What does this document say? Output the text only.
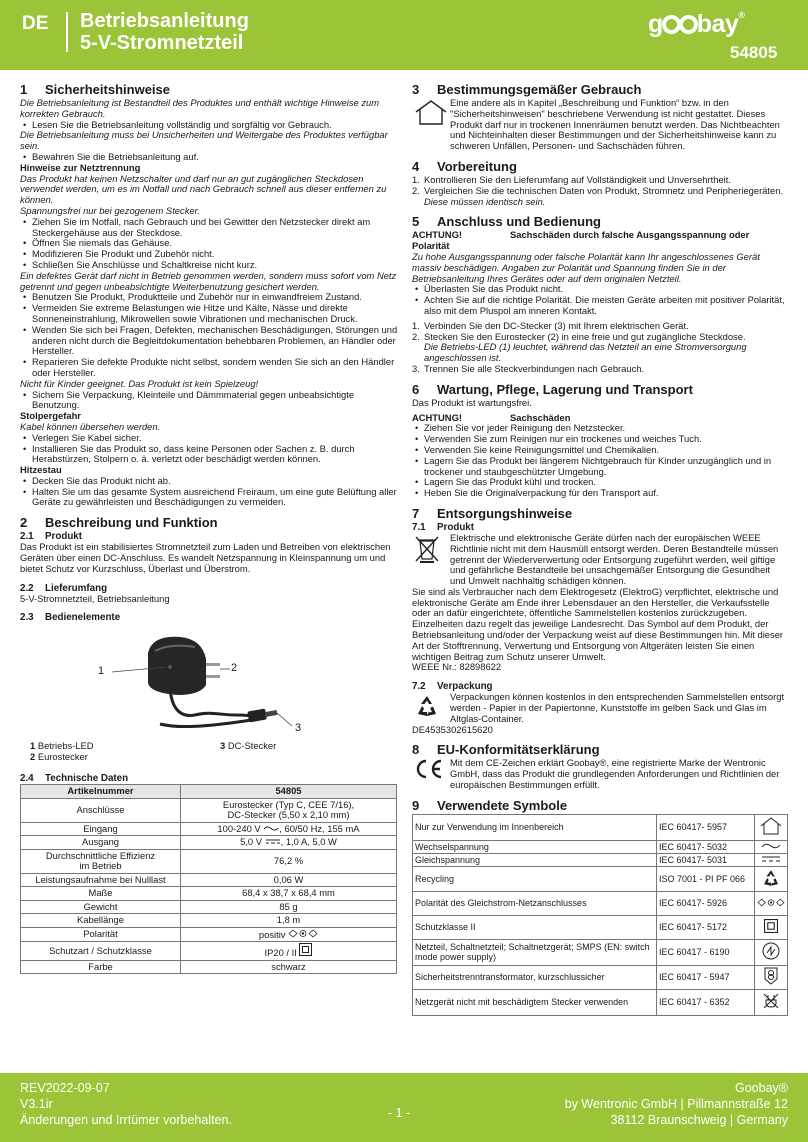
DE Betriebsanleitung
5-V-Stromnetzteil
g bay®
54805
1 Sicherheitshinweise
Die Betriebsanleitung ist Bestandteil des Produktes und enthält wichtige Hinweise zum korrekten Gebrauch.
• Lesen Sie die Betriebsanleitung vollständig und sorgfältig vor Gebrauch.
Die Betriebsanleitung muss bei Unsicherheiten und Weitergabe des Produktes verfügbar sein.
• Bewahren Sie die Betriebsanleitung auf.
Hinweise zur Netztrennung
Das Produkt hat keinen Netzschalter und darf nur an gut zugänglichen Steckdosen verwendet werden, um es im Notfall und nach Gebrauch schnell aus dieser entfernen zu können.
Spannungsfrei nur bei gezogenem Stecker.
• Ziehen Sie im Notfall, nach Gebrauch und bei Gewitter den Netzstecker direkt am Steckergehäuse aus der Steckdose.
• Öffnen Sie niemals das Gehäuse.
• Modifizieren Sie Produkt und Zubehör nicht.
• Schließen Sie Anschlüsse und Schaltkreise nicht kurz.
Ein defektes Gerät darf nicht in Betrieb genommen werden, sondern muss sofort vom Netz getrennt und gegen unbeabsichtigte Weiterbenutzung gesichert werden.
• Benutzen Sie Produkt, Produktteile und Zubehör nur in einwandfreiem Zustand.
• Vermeiden Sie extreme Belastungen wie Hitze und Kälte, Nässe und direkte Sonneneinstrahlung, Mikrowellen sowie Vibrationen und mechanischen Druck.
• Wenden Sie sich bei Fragen, Defekten, mechanischen Beschädigungen, Störungen und anderen nicht durch die Begleitdokumentation behebbaren Problemen, an Händler oder Hersteller.
• Reparieren Sie defekte Produkte nicht selbst, sondern wenden Sie sich an den Händler oder Hersteller.
Nicht für Kinder geeignet. Das Produkt ist kein Spielzeug!
• Sichern Sie Verpackung, Kleinteile und Dämmmaterial gegen unbeabsichtigte Benutzung.
Stolpergefahr
Kabel können übersehen werden.
• Verlegen Sie Kabel sicher.
• Installieren Sie das Produkt so, dass keine Personen oder Sachen z. B. durch Herabstürzen, Stolpern o. ä. verletzt oder beschädigt werden können.
Hitzestau
• Decken Sie das Produkt nicht ab.
• Halten Sie um das gesamte System ausreichend Freiraum, um eine gute Belüftung aller Geräte zu gewährleisten und Beschädigungen zu vermeiden.
2 Beschreibung und Funktion
2.1 Produkt
Das Produkt ist ein stabilisiertes Stromnetzteil zum Laden und Betreiben von elektrischen Geräten über einen DC-Anschluss. Es wandelt Netzspannung in Kleinspannung um und bietet Schutz vor Kurzschluss, Überlast und Überstrom.
2.2 Lieferumfang
5-V-Stromnetzteil, Betriebsanleitung
2.3 Bedienelemente
1	2
3
1 Betriebs-LED
2 Eurostecker
3 DC-Stecker
2.4 Technische Daten
Artikelnummer	54805
Anschlüsse	Eurostecker (Typ C, CEE 7/16),
DC-Stecker (5,50 x 2,10 mm)

Eingang	100-240 V , 60/50 Hz, 155 mA
Ausgang	5,0 V , 1,0 A, 5,0 W

Durchschnittliche Effizienz
im Betrieb	76,2 %
Leistungsaufnahme bei Nulllast	0,06 W
Maße	68,4 x 38,7 x 68,4 mm
Gewicht	85 g
Kabellänge	1,8 m
Polarität	positiv
Schutzart / Schutzklasse	IP20 / II
Farbe	schwarz
3 Bestimmungsgemäßer Gebrauch
Eine andere als in Kapitel „Beschreibung und Funktion“ bzw. in den "Sicherheitshinweisen" beschriebene Verwendung ist nicht gestattet. Dieses Produkt darf nur in trockenen Innenräumen benutzt werden. Das Nichtbeachten und Nichteinhalten dieser Bestimmungen und der Sicherheitshinweise kann zu schweren Unfällen, Personen- und Sachschäden führen.
4 Vorbereitung
1. Kontrollieren Sie den Lieferumfang auf Vollständigkeit und Unversehrtheit.
2. Vergleichen Sie die technischen Daten von Produkt, Stromnetz und Peripheriegeräten.
Diese müssen identisch sein.
5 Anschluss und Bedienung
ACHTUNG!	Sachschäden durch falsche Ausgangsspannung oder Polarität
Zu hohe Ausgangsspannung oder falsche Polarität kann Ihr angeschlossenes Gerät massiv beschädigen. Angaben zur Polarität und Spannung finden Sie in der Betriebsanleitung Ihres Gerätes oder auf dem originalen Netzteil.
• Überlasten Sie das Produkt nicht.
• Achten Sie auf die richtige Polarität. Die meisten Geräte arbeiten mit positiver Polarität, also mit dem Pluspol am inneren Kontakt.
1. Verbinden Sie den DC-Stecker (3) mit Ihrem elektrischen Gerät.
2. Stecken Sie den Eurostecker (2) in eine freie und gut zugängliche Steckdose.
Die Betriebs-LED (1) leuchtet, während das Netzteil an eine Stromversorgung angeschlossen ist.
3. Trennen Sie alle Steckverbindungen nach Gebrauch.
6 Wartung, Pflege, Lagerung und Transport
Das Produkt ist wartungsfrei.
ACHTUNG!	Sachschäden
• Ziehen Sie vor jeder Reinigung den Netzstecker.
• Verwenden Sie zum Reinigen nur ein trockenes und weiches Tuch.
• Verwenden Sie keine Reinigungsmittel und Chemikalien.
• Lagern Sie das Produkt bei längerem Nichtgebrauch für Kinder unzugänglich und in trockener und staubgeschützter Umgebung.
• Lagern Sie das Produkt kühl und trocken.
• Heben Sie die Originalverpackung für den Transport auf.
7 Entsorgungshinweise
7.1 Produkt
Elektrische und elektronische Geräte dürfen nach der europäischen WEEE Richtlinie nicht mit dem Hausmüll entsorgt werden. Deren Bestandteile müssen getrennt der Wiederverwertung oder Entsorgung zugeführt werden, weil giftige und gefährliche Bestandteile bei unsachgemäßer Entsorgung die Gesundheit und Umwelt nachhaltig schädigen können.
Sie sind als Verbraucher nach dem Elektrogesetz (ElektroG) verpflichtet, elektrische und elektronische Geräte am Ende ihrer Lebensdauer an den Hersteller, die Verkaufsstelle oder an dafür eingerichtete, öffentliche Sammelstellen kostenlos zurückzugeben. Einzelheiten dazu regelt das jeweilige Landesrecht. Das Symbol auf dem Produkt, der Betriebsanleitung und/oder der Verpackung weist auf diese Bestimmungen hin. Mit dieser Art der Stofftrennung, Verwertung und Entsorgung von Altgeräten leisten Sie einen wichtigen Beitrag zum Schutz unserer Umwelt.
WEEE Nr.: 82898622
7.2 Verpackung
Verpackungen können kostenlos in den entsprechenden Sammelstellen entsorgt werden - Papier in der Papiertonne, Kunststoffe im gelben Sack und Glas im Altglas-Container.
DE4535302615620
8 EU-Konformitätserklärung
Mit dem CE-Zeichen erklärt Goobay®, eine registrierte Marke der Wentronic GmbH, dass das Produkt die grundlegenden Anforderungen und Richtlinien der europäischen Bestimmungen erfüllt.
9 Verwendete Symbole
Nur zur Verwendung im Innenbereich	IEC 60417- 5957	
Wechselspannung	IEC 60417- 5032	
Gleichspannung	IEC 60417- 5031	
Recycling	ISO 7001 - PI PF 066	
Polarität des Gleichstrom-Netzanschlusses	IEC 60417- 5926	
Schutzklasse II	IEC 60417- 5172	
Netzteil, Schaltnetzteil; Schaltnetzgerät; SMPS (EN: switch mode power supply)	IEC 60417 - 6190	
Sicherheitstrenntransformator, kurzschlussicher	IEC 60417 - 5947	
Netzgerät nicht mit beschädigtem Stecker verwenden	IEC 60417 - 6352	
REV2022-09-07
V3.1ir
Änderungen und Irrtümer vorbehalten.	- 1 -
Goobay®
by Wentronic GmbH | Pillmannstraße 12
38112 Braunschweig | Germany
